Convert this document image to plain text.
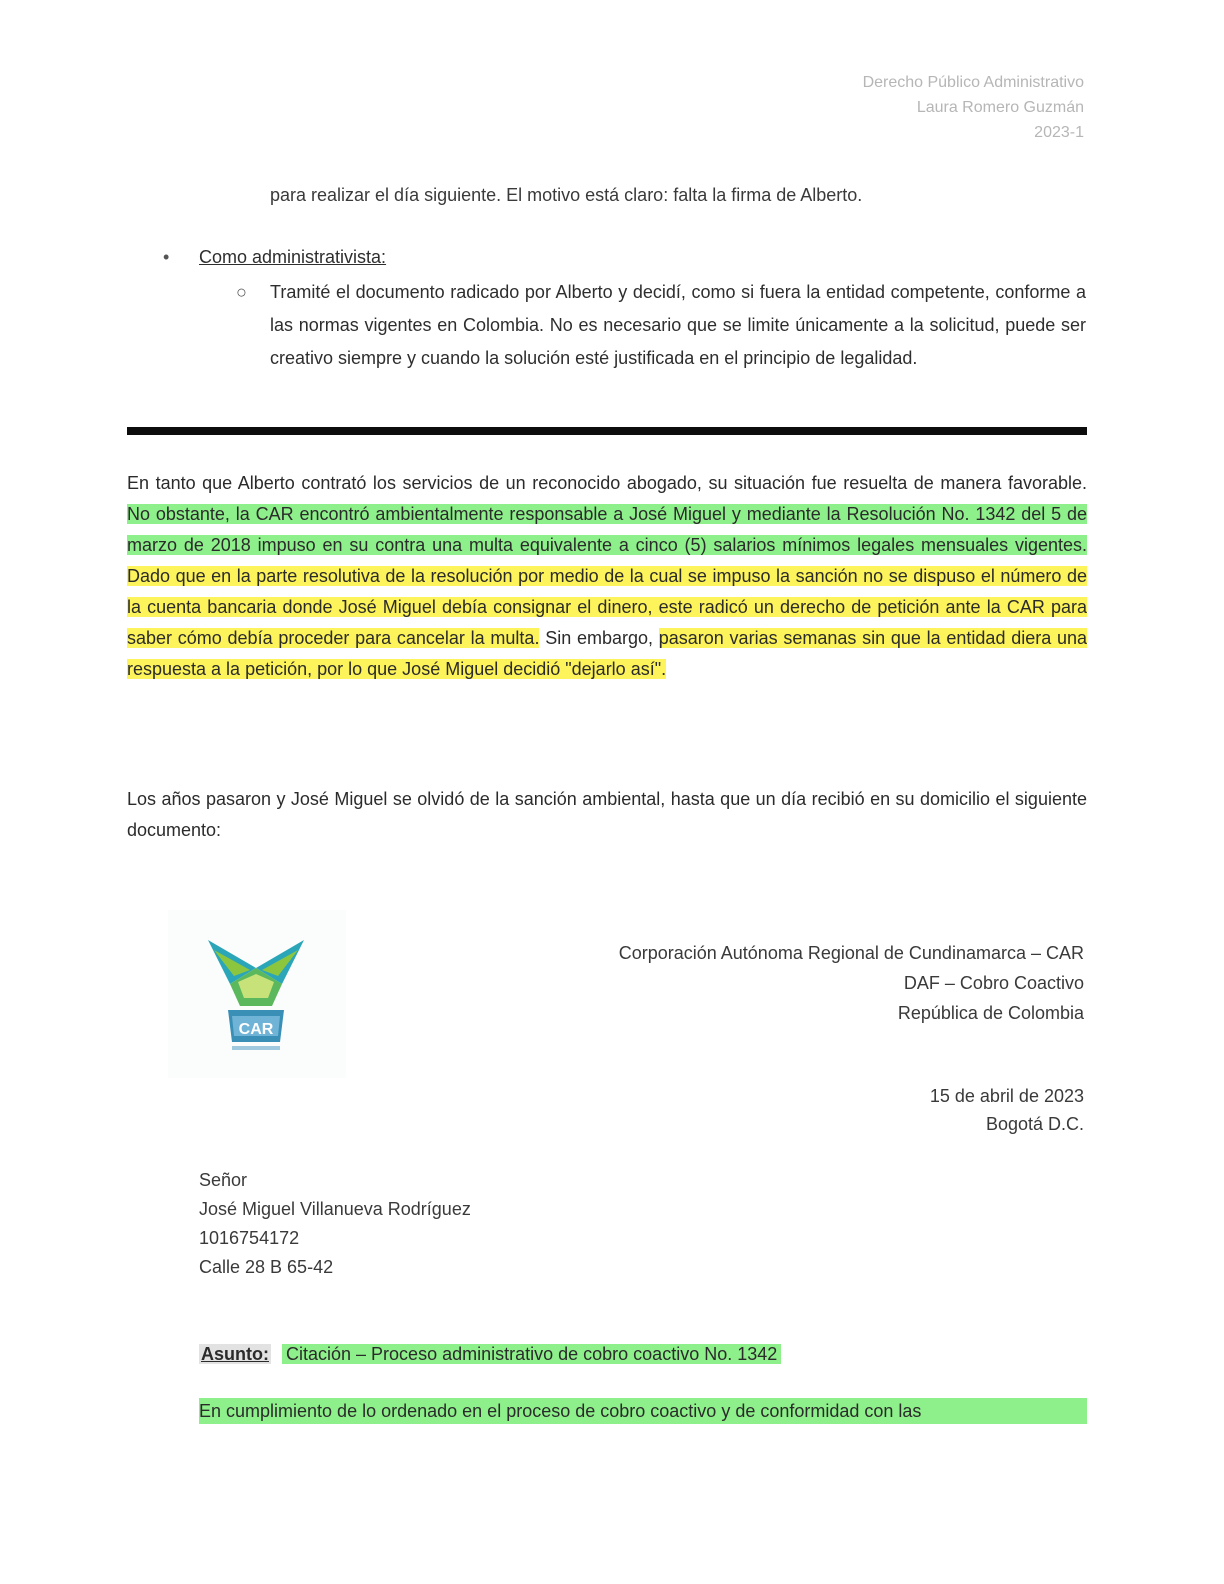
Derecho Público Administrativo
Laura Romero Guzmán
2023-1
para realizar el día siguiente. El motivo está claro: falta la firma de Alberto.
• Como administrativista:
○ Tramité el documento radicado por Alberto y decidí, como si fuera la entidad competente, conforme a las normas vigentes en Colombia. No es necesario que se limite únicamente a la solicitud, puede ser creativo siempre y cuando la solución esté justificada en el principio de legalidad.
En tanto que Alberto contrató los servicios de un reconocido abogado, su situación fue resuelta de manera favorable. No obstante, la CAR encontró ambientalmente responsable a José Miguel y mediante la Resolución No. 1342 del 5 de marzo de 2018 impuso en su contra una multa equivalente a cinco (5) salarios mínimos legales mensuales vigentes. Dado que en la parte resolutiva de la resolución por medio de la cual se impuso la sanción no se dispuso el número de la cuenta bancaria donde José Miguel debía consignar el dinero, este radicó un derecho de petición ante la CAR para saber cómo debía proceder para cancelar la multa. Sin embargo, pasaron varias semanas sin que la entidad diera una respuesta a la petición, por lo que José Miguel decidió "dejarlo así".
Los años pasaron y José Miguel se olvidó de la sanción ambiental, hasta que un día recibió en su domicilio el siguiente documento:
CAR
Corporación Autónoma Regional de Cundinamarca – CAR
DAF – Cobro Coactivo
República de Colombia
15 de abril de 2023
Bogotá D.C.
Señor
José Miguel Villanueva Rodríguez
1016754172
Calle 28 B 65-42
Asunto: Citación – Proceso administrativo de cobro coactivo No. 1342
En cumplimiento de lo ordenado en el proceso de cobro coactivo y de conformidad con las
